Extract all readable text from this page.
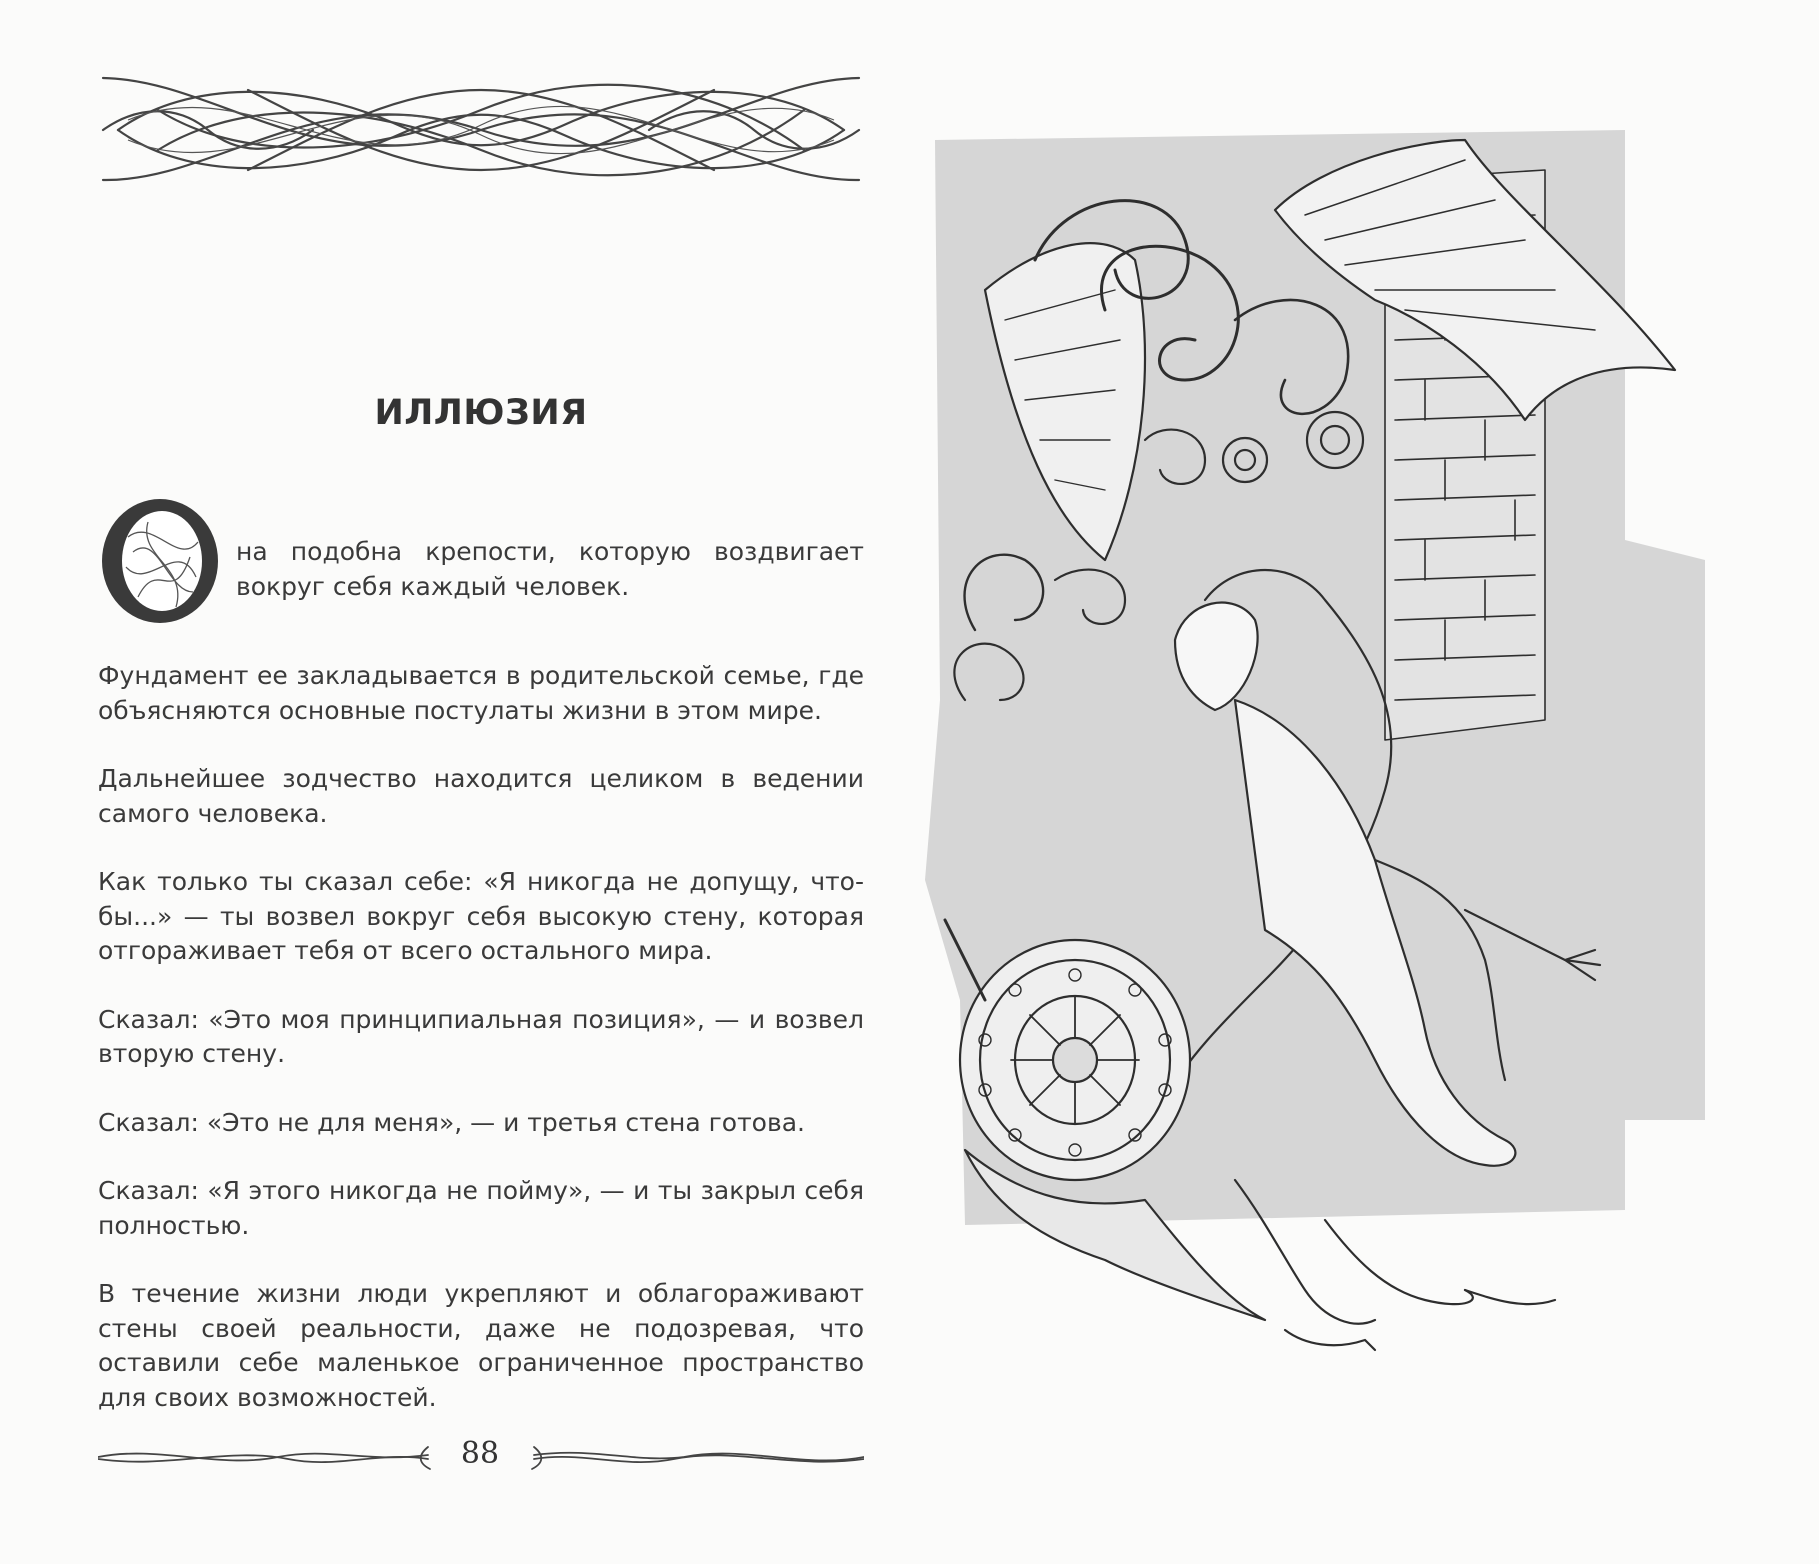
ИЛЛЮЗИЯ
на подобна крепости, которую воздвигает вокруг себя каждый человек.

Фундамент ее закладывается в родительской семье, где объясняются основные постулаты жизни в этом мире.

Дальнейшее зодчество находится целиком в ведении самого человека.

Как только ты сказал себе: «Я никогда не допущу, чтобы...» — ты возвел вокруг себя высокую стену, которая отгораживает тебя от всего остального мира.

Сказал: «Это моя принципиальная позиция», — и возвел вторую стену.

Сказал: «Это не для меня», — и третья стена готова.

Сказал: «Я этого никогда не пойму», — и ты закрыл себя полностью.

В течение жизни люди укрепляют и облагораживают стены своей реальности, даже не подозревая, что оставили себе маленькое ограниченное пространство для своих возможностей.

88
